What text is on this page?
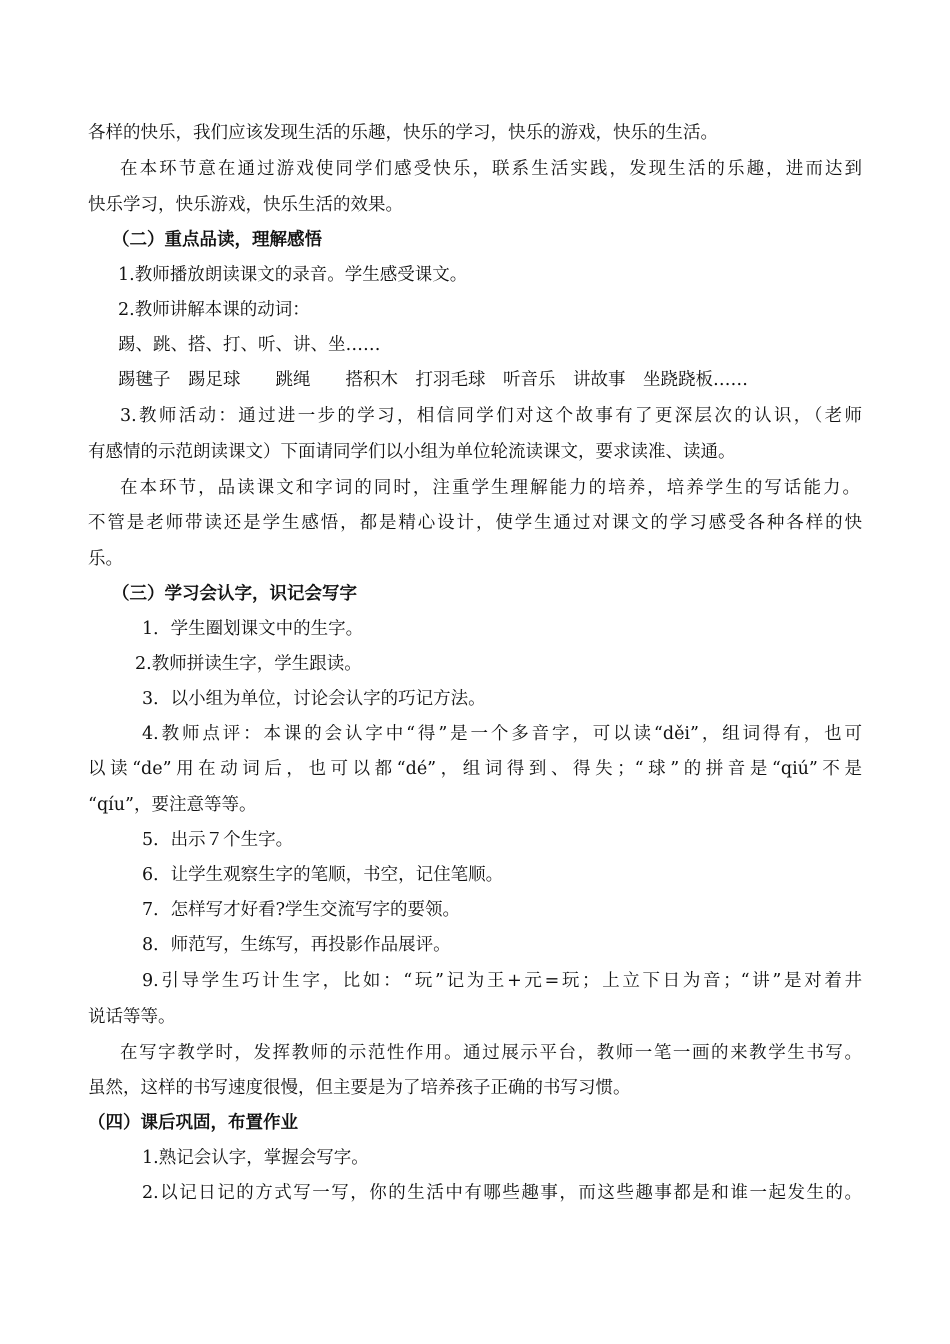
各样的快乐，我们应该发现生活的乐趣，快乐的学习，快乐的游戏，快乐的生活。
在本环节意在通过游戏使同学们感受快乐，联系生活实践，发现生活的乐趣，进而达到
快乐学习，快乐游戏，快乐生活的效果。
（二）重点品读，理解感悟
1.教师播放朗读课文的录音。学生感受课文。
2.教师讲解本课的动词：
踢、跳、搭、打、听、讲、坐……
踢毽子　踢足球　　跳绳　　搭积木　打羽毛球　听音乐　讲故事　坐跷跷板……
3.教师活动：通过进一步的学习，相信同学们对这个故事有了更深层次的认识，（老师
有感情的示范朗读课文）下面请同学们以小组为单位轮流读课文，要求读准、读通。
在本环节，品读课文和字词的同时，注重学生理解能力的培养，培养学生的写话能力。
不管是老师带读还是学生感悟，都是精心设计，使学生通过对课文的学习感受各种各样的快
乐。
（三）学习会认字，识记会写字
1．学生圈划课文中的生字。
2.教师拼读生字，学生跟读。
3．以小组为单位，讨论会认字的巧记方法。
4.教师点评：本课的会认字中“得”是一个多音字，可以读“děi”，组词得有，也可
以读“de”用在动词后，也可以都“dé”，组词得到、得失；“球”的拼音是“qiú”不是
“qíu”，要注意等等。
5．出示７个生字。
6．让学生观察生字的笔顺，书空，记住笔顺。
7．怎样写才好看?学生交流写字的要领。
8．师范写，生练写，再投影作品展评。
9.引导学生巧计生字，比如：“玩”记为王+元=玩；上立下日为音；“讲”是对着井
说话等等。
在写字教学时，发挥教师的示范性作用。通过展示平台，教师一笔一画的来教学生书写。
虽然，这样的书写速度很慢，但主要是为了培养孩子正确的书写习惯。
（四）课后巩固，布置作业
1.熟记会认字，掌握会写字。
2.以记日记的方式写一写，你的生活中有哪些趣事，而这些趣事都是和谁一起发生的。
